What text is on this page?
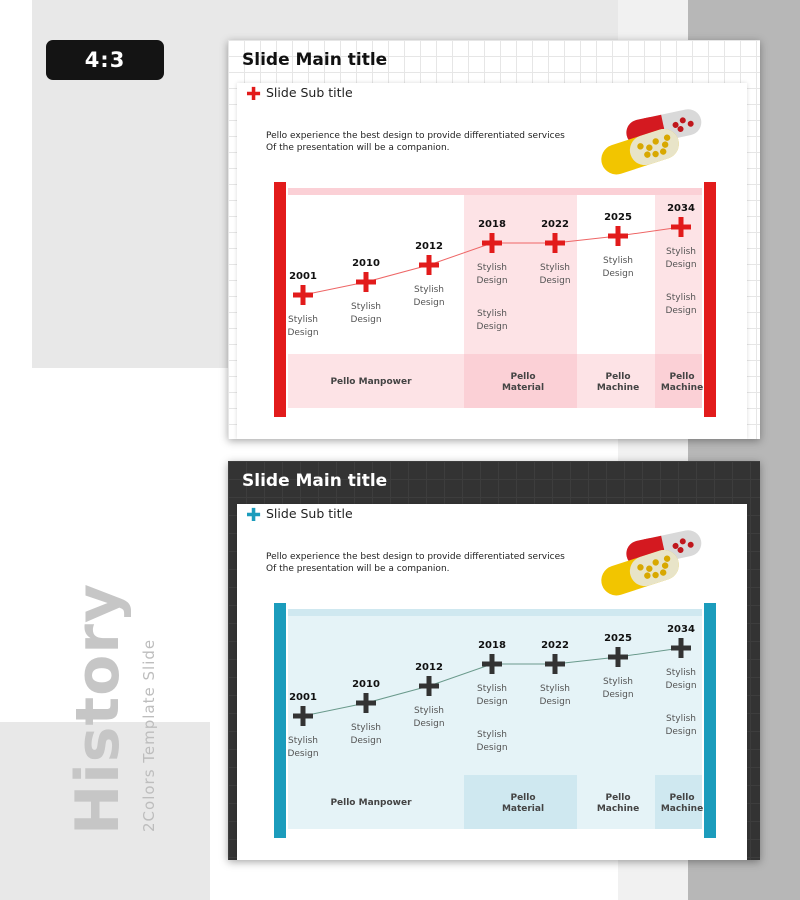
4:3
History 2Colors Template Slide
Slide Main title
✚ Slide Sub title
Pello experience the best design to provide differentiated services
Of the presentation will be a companion.
2001
Stylish
Design
2010
Stylish
Design
2012
Stylish
Design
2018
Stylish
Design
Stylish
Design
2022
Stylish
Design
2025
Stylish
Design
2034
Stylish
Design
Stylish
Design
Pello Manpower	Pello
Material
Pello
Machine
Pello
Machine
Slide Main title
✚ Slide Sub title
Pello experience the best design to provide differentiated services
Of the presentation will be a companion.
2001
Stylish
Design
2010
Stylish
Design
2012
Stylish
Design
2018
Stylish
Design
Stylish
Design
2022
Stylish
Design
2025
Stylish
Design
2034
Stylish
Design
Stylish
Design
Pello Manpower	Pello
Material
Pello
Machine
Pello
Machine
